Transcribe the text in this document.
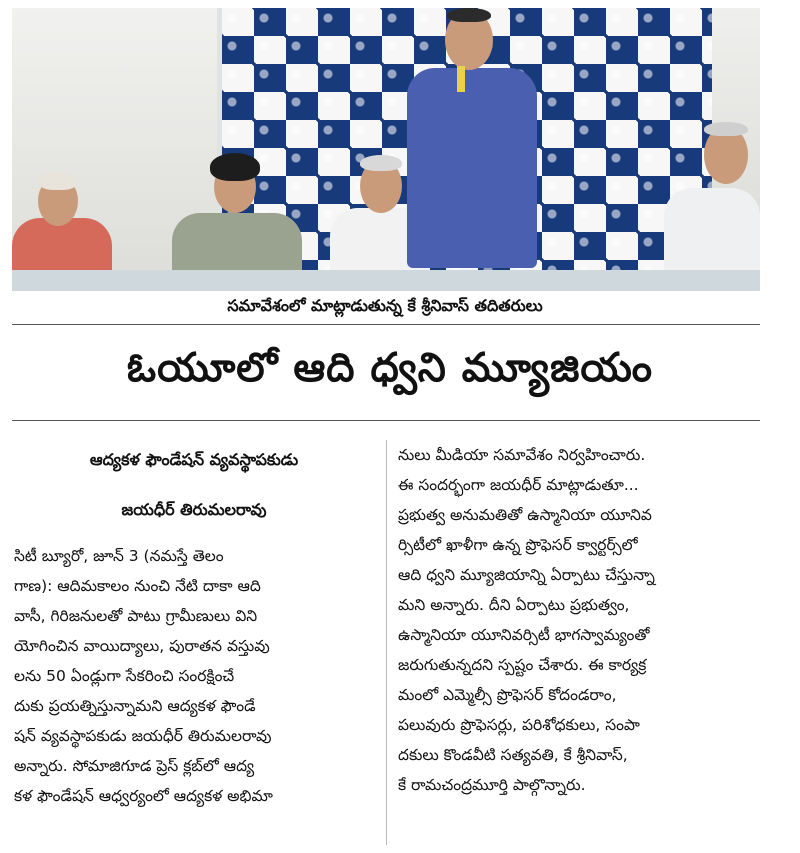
సమావేశంలో మాట్లాడుతున్న కే శ్రీనివాస్ తదితరులు
ఓయూలో ఆది ధ్వని మ్యూజియం
ఆద్యకళ ఫౌండేషన్ వ్యవస్థాపకుడు
జయధీర్ తిరుమలరావు
సిటీ బ్యూరో, జూన్ 3 (నమస్తే తెలం
గాణ): ఆదిమకాలం నుంచి నేటి దాకా ఆది
వాసీ, గిరిజనులతో పాటు గ్రామీణులు విని
యోగించిన వాయిద్యాలు, పురాతన వస్తువు
లను 50 ఏండ్లుగా సేకరించి సంరక్షించే
దుకు ప్రయత్నిస్తున్నామని ఆద్యకళ ఫౌండే
షన్ వ్యవస్థాపకుడు జయధీర్ తిరుమలరావు
అన్నారు. సోమాజిగూడ ప్రెస్ క్లబ్‌లో ఆద్య
కళ ఫౌండేషన్ ఆధ్వర్యంలో ఆద్యకళ అభిమా
నులు మీడియా సమావేశం నిర్వహించారు.
ఈ సందర్భంగా జయధీర్ మాట్లాడుతూ...
ప్రభుత్వ అనుమతితో ఉస్మానియా యూనివ
ర్సిటీలో ఖాళీగా ఉన్న ప్రొఫెసర్ క్వార్టర్స్‌లో
ఆది ధ్వని మ్యూజియాన్ని ఏర్పాటు చేస్తున్నా
మని అన్నారు. దీని ఏర్పాటు ప్రభుత్వం,
ఉస్మానియా యూనివర్సిటీ భాగస్వామ్యంతో
జరుగుతున్నదని స్పష్టం చేశారు. ఈ కార్యక్ర
మంలో ఎమ్మెల్సీ ప్రొఫెసర్ కోదండరాం,
పలువురు ప్రొఫెసర్లు, పరిశోధకులు, సంపా
దకులు కొండవీటి సత్యవతి, కే శ్రీనివాస్,
కే రామచంద్రమూర్తి పాల్గొన్నారు.
